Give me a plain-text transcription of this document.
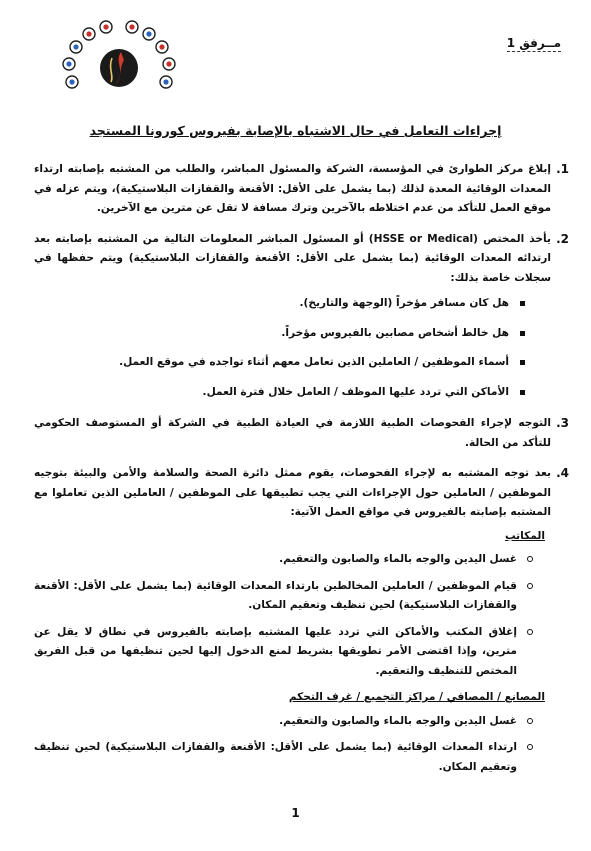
مــرفق 1
إجراءات التعامل في حال الاشتباه بالإصابة بفيروس كورونا المستجد
1.
إبلاغ مركز الطوارئ في المؤسسة، الشركة والمسئول المباشر، والطلب من المشتبه بإصابته ارتداء المعدات الوقائية المعدة لذلك (بما يشمل على الأقل: الأقنعة والقفازات البلاستيكية)، ويتم عزله في موقع العمل للتأكد من عدم اختلاطه بالآخرين وترك مسافة لا تقل عن مترين مع الآخرين.
2.
يأخذ المختص (HSSE or Medical) أو المسئول المباشر المعلومات التالية من المشتبه بإصابته بعد ارتدائه المعدات الوقائية (بما يشمل على الأقل: الأقنعة والقفازات البلاستيكية) ويتم حفظها في سجلات خاصة بذلك:
هل كان مسافر مؤخراً (الوجهة والتاريخ).
هل خالط أشخاص مصابين بالفيروس مؤخراً.
أسماء الموظفين / العاملين الذين تعامل معهم أثناء تواجده في موقع العمل.
الأماكن التي تردد عليها الموظف / العامل خلال فترة العمل.
3.
التوجه لإجراء الفحوصات الطبية اللازمة في العيادة الطبية في الشركة أو المستوصف الحكومي للتأكد من الحالة.
4.
بعد توجه المشتبه به لإجراء الفحوصات، يقوم ممثل دائرة الصحة والسلامة والأمن والبيئة بتوجيه الموظفين / العاملين حول الإجراءات التي يجب تطبيقها على الموظفين / العاملين الذين تعاملوا مع المشتبه بإصابته بالفيروس في مواقع العمل الآتية:
المكاتب
غسل اليدين والوجه بالماء والصابون والتعقيم.
قيام الموظفين / العاملين المخالطين بارتداء المعدات الوقائية (بما يشمل على الأقل: الأقنعة والقفازات البلاستيكية) لحين تنظيف وتعقيم المكان.
إغلاق المكتب والأماكن التي تردد عليها المشتبه بإصابته بالفيروس في نطاق لا يقل عن مترين، وإذا اقتضى الأمر تطويقها بشريط لمنع الدخول إليها لحين تنظيفها من قبل الفريق المختص للتنظيف والتعقيم.
المصانع / المصافي / مراكز التجميع / غرف التحكم
غسل اليدين والوجه بالماء والصابون والتعقيم.
ارتداء المعدات الوقائية (بما يشمل على الأقل: الأقنعة والقفازات البلاستيكية) لحين تنظيف وتعقيم المكان.
1
